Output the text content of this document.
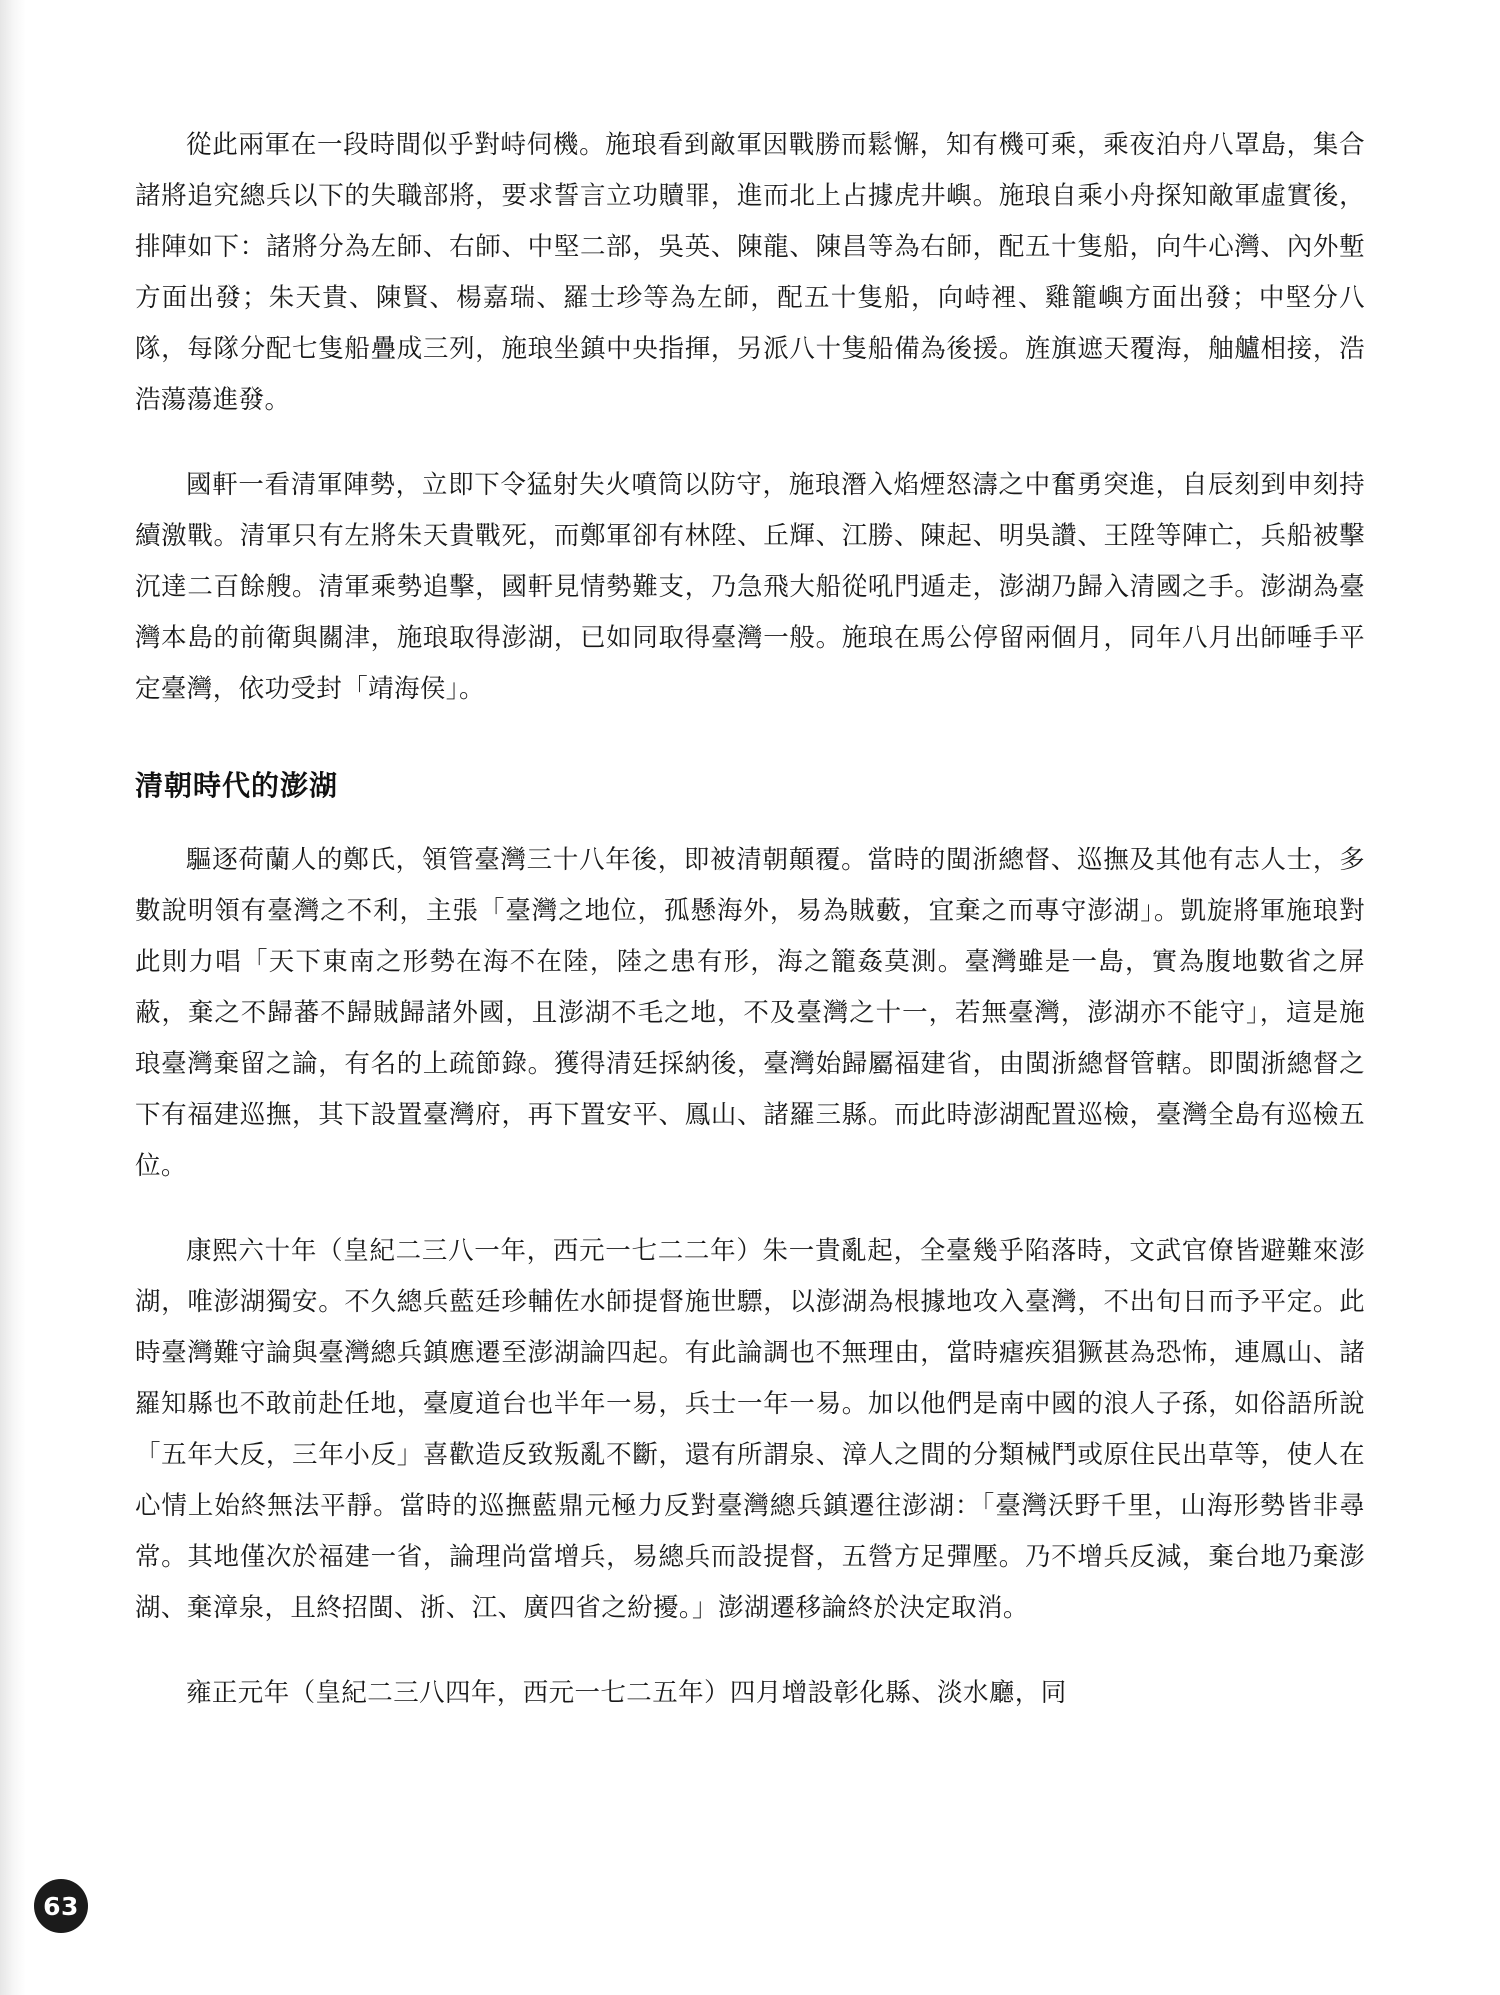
從此兩軍在一段時間似乎對峙伺機。施琅看到敵軍因戰勝而鬆懈，知有機可乘，乘夜泊舟八罩島，集合諸將追究總兵以下的失職部將，要求誓言立功贖罪，進而北上占據虎井嶼。施琅自乘小舟探知敵軍虛實後，排陣如下：諸將分為左師、右師、中堅二部，吳英、陳龍、陳昌等為右師，配五十隻船，向牛心灣、內外塹方面出發；朱天貴、陳賢、楊嘉瑞、羅士珍等為左師，配五十隻船，向峙裡、雞籠嶼方面出發；中堅分八隊，每隊分配七隻船疊成三列，施琅坐鎮中央指揮，另派八十隻船備為後援。旌旗遮天覆海，舳艫相接，浩浩蕩蕩進發。

國軒一看清軍陣勢，立即下令猛射失火噴筒以防守，施琅潛入焰煙怒濤之中奮勇突進，自辰刻到申刻持續激戰。清軍只有左將朱天貴戰死，而鄭軍卻有林陞、丘輝、江勝、陳起、明吳讚、王陞等陣亡，兵船被擊沉達二百餘艘。清軍乘勢追擊，國軒見情勢難支，乃急飛大船從吼門遁走，澎湖乃歸入清國之手。澎湖為臺灣本島的前衛與關津，施琅取得澎湖，已如同取得臺灣一般。施琅在馬公停留兩個月，同年八月出師唾手平定臺灣，依功受封「靖海侯」。

清朝時代的澎湖

驅逐荷蘭人的鄭氏，領管臺灣三十八年後，即被清朝顛覆。當時的閩浙總督、巡撫及其他有志人士，多數說明領有臺灣之不利，主張「臺灣之地位，孤懸海外，易為賊藪，宜棄之而專守澎湖」。凱旋將軍施琅對此則力唱「天下東南之形勢在海不在陸，陸之患有形，海之籠姦莫測。臺灣雖是一島，實為腹地數省之屏蔽，棄之不歸蕃不歸賊歸諸外國，且澎湖不毛之地，不及臺灣之十一，若無臺灣，澎湖亦不能守」，這是施琅臺灣棄留之論，有名的上疏節錄。獲得清廷採納後，臺灣始歸屬福建省，由閩浙總督管轄。即閩浙總督之下有福建巡撫，其下設置臺灣府，再下置安平、鳳山、諸羅三縣。而此時澎湖配置巡檢，臺灣全島有巡檢五位。

康熙六十年（皇紀二三八一年，西元一七二二年）朱一貴亂起，全臺幾乎陷落時，文武官僚皆避難來澎湖，唯澎湖獨安。不久總兵藍廷珍輔佐水師提督施世驃，以澎湖為根據地攻入臺灣，不出旬日而予平定。此時臺灣難守論與臺灣總兵鎮應遷至澎湖論四起。有此論調也不無理由，當時瘧疾猖獗甚為恐怖，連鳳山、諸羅知縣也不敢前赴任地，臺廈道台也半年一易，兵士一年一易。加以他們是南中國的浪人子孫，如俗語所說「五年大反，三年小反」喜歡造反致叛亂不斷，還有所謂泉、漳人之間的分類械鬥或原住民出草等，使人在心情上始終無法平靜。當時的巡撫藍鼎元極力反對臺灣總兵鎮遷往澎湖：「臺灣沃野千里，山海形勢皆非尋常。其地僅次於福建一省，論理尚當增兵，易總兵而設提督，五營方足彈壓。乃不增兵反減，棄台地乃棄澎湖、棄漳泉，且終招閩、浙、江、廣四省之紛擾。」澎湖遷移論終於決定取消。

雍正元年（皇紀二三八四年，西元一七二五年）四月增設彰化縣、淡水廳，同

63
